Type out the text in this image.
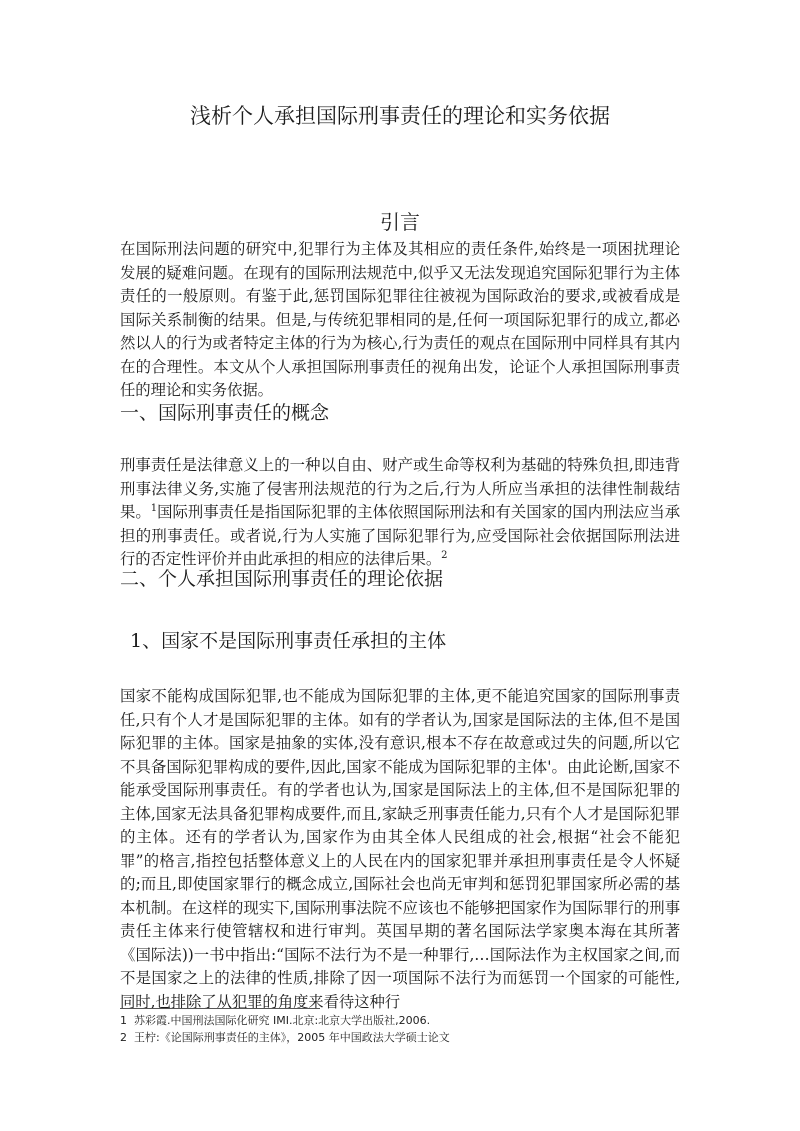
浅析个人承担国际刑事责任的理论和实务依据
引言

在国际刑法问题的研究中,犯罪行为主体及其相应的责任条件,始终是一项困扰理论发展的疑难问题。在现有的国际刑法规范中,似乎又无法发现追究国际犯罪行为主体责任的一般原则。有鉴于此,惩罚国际犯罪往往被视为国际政治的要求,或被看成是国际关系制衡的结果。但是,与传统犯罪相同的是,任何一项国际犯罪行的成立,都必然以人的行为或者特定主体的行为为核心,行为责任的观点在国际刑中同样具有其内在的合理性。本文从个人承担国际刑事责任的视角出发，论证个人承担国际刑事责任的理论和实务依据。

一、国际刑事责任的概念

刑事责任是法律意义上的一种以自由、财产或生命等权利为基础的特殊负担,即违背刑事法律义务,实施了侵害刑法规范的行为之后,行为人所应当承担的法律性制裁结果。$^1$国际刑事责任是指国际犯罪的主体依照国际刑法和有关国家的国内刑法应当承担的刑事责任。或者说,行为人实施了国际犯罪行为,应受国际社会依据国际刑法进行的否定性评价并由此承担的相应的法律后果。$^2$

二、个人承担国际刑事责任的理论依据
1、国家不是国际刑事责任承担的主体

国家不能构成国际犯罪,也不能成为国际犯罪的主体,更不能追究国家的国际刑事责任,只有个人才是国际犯罪的主体。如有的学者认为,国家是国际法的主体,但不是国际犯罪的主体。国家是抽象的实体,没有意识,根本不存在故意或过失的问题,所以它不具备国际犯罪构成的要件,因此,国家不能成为国际犯罪的主体'。由此论断,国家不能承受国际刑事责任。有的学者也认为,国家是国际法上的主体,但不是国际犯罪的主体,国家无法具备犯罪构成要件,而且,家缺乏刑事责任能力,只有个人才是国际犯罪的主体。还有的学者认为,国家作为由其全体人民组成的社会,根据“社会不能犯罪”的格言,指控包括整体意义上的人民在内的国家犯罪并承担刑事责任是令人怀疑的;而且,即使国家罪行的概念成立,国际社会也尚无审判和惩罚犯罪国家所必需的基本机制。在这样的现实下,国际刑事法院不应该也不能够把国家作为国际罪行的刑事责任主体来行使管辖权和进行审判。英国早期的著名国际法学家奥本海在其所著《国际法))一书中指出:“国际不法行为不是一种罪行,…国际法作为主权国家之间,而不是国家之上的法律的性质,排除了因一项国际不法行为而惩罚一个国家的可能性,同时,也排除了从犯罪的角度来看待这种行

1 苏彩霞.中国刑法国际化研究 IMI.北京:北京大学出版社,2006.
2 王柠:《论国际刑事责任的主体》，2005 年中国政法大学硕士论文
